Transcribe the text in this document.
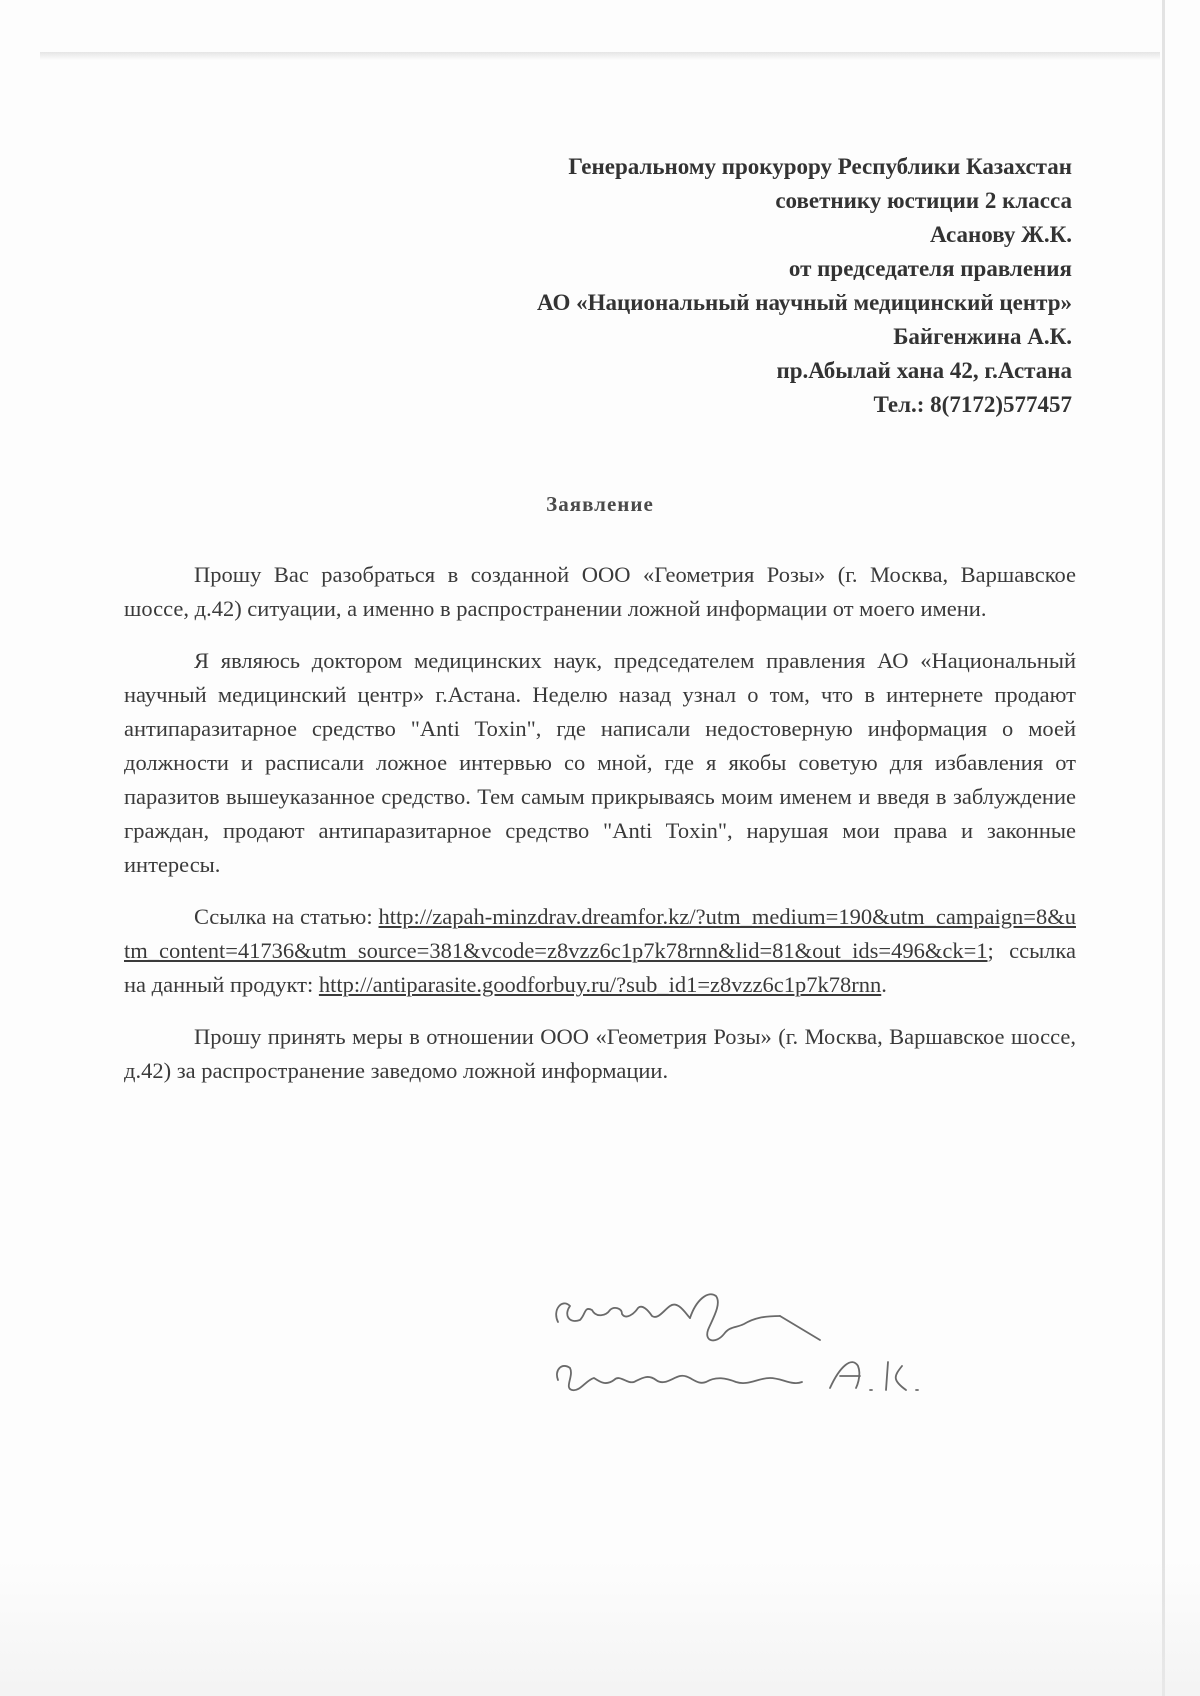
Генеральному прокурору Республики Казахстан
советнику юстиции 2 класса
Асанову Ж.К.
от председателя правления
АО «Национальный научный медицинский центр»
Байгенжина А.К.
пр.Абылай хана 42, г.Астана
Тел.: 8(7172)577457
Заявление

Прошу Вас разобраться в созданной ООО «Геометрия Розы» (г. Москва, Варшавское шоссе, д.42) ситуации, а именно в распространении ложной информации от моего имени.

Я являюсь доктором медицинских наук, председателем правления АО «Национальный научный медицинский центр» г.Астана. Неделю назад узнал о том, что в интернете продают антипаразитарное средство "Anti Toxin", где написали недостоверную информация о моей должности и расписали ложное интервью со мной, где я якобы советую для избавления от паразитов вышеуказанное средство. Тем самым прикрываясь моим именем и введя в заблуждение граждан, продают антипаразитарное средство "Anti Toxin", нарушая мои права и законные интересы.

Ссылка на статью: http://zapah-minzdrav.dreamfor.kz/?utm_medium=190&utm_campaign=8&utm_content=41736&utm_source=381&vcode=z8vzz6c1p7k78rnn&lid=81&out_ids=496&ck=1; ссылка на данный продукт: http://antiparasite.goodforbuy.ru/?sub_id1=z8vzz6c1p7k78rnn.

Прошу принять меры в отношении ООО «Геометрия Розы» (г. Москва, Варшавское шоссе, д.42) за распространение заведомо ложной информации.
